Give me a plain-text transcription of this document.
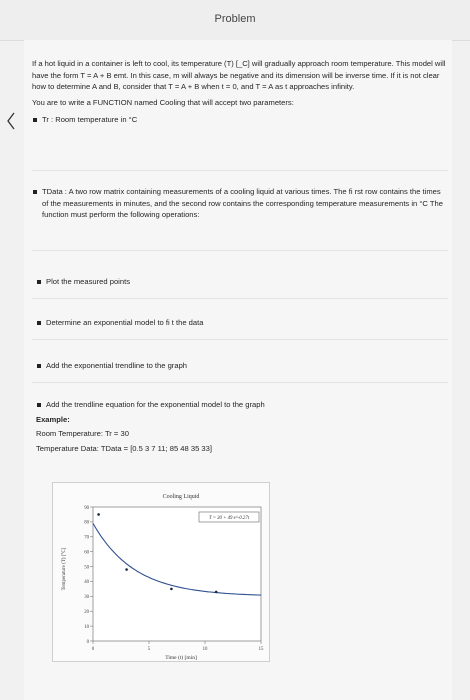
Problem
If a hot liquid in a container is left to cool, its temperature (T) [_C] will gradually approach room temperature. This model will have the form T = A + B emt. In this case, m will always be negative and its dimension will be inverse time. If it is not clear how to determine A and B, consider that T = A + B when t = 0, and T = A as t approaches infinity.
You are to write a FUNCTION named Cooling that will accept two parameters:
Tr : Room temperature in °C
TData : A two row matrix containing measurements of a cooling liquid at various times. The fi rst row contains the times of the measurements in minutes, and the second row contains the corresponding temperature measurements in °C The function must perform the following operations:
Plot the measured points
Determine an exponential model to fi t the data
Add the exponential trendline to the graph
Add the trendline equation for the exponential model to the graph
Example:
Room Temperature: Tr = 30
Temperature Data: TData = [0.5 3 7 11; 85 48 35 33]
Cooling Liquid
Time (t) [min]
Temperature (T) [°C]
0
10
20
30
40
50
60
70
80
90
0	5	10	15
T = 30 + 49 e^-0.27t
